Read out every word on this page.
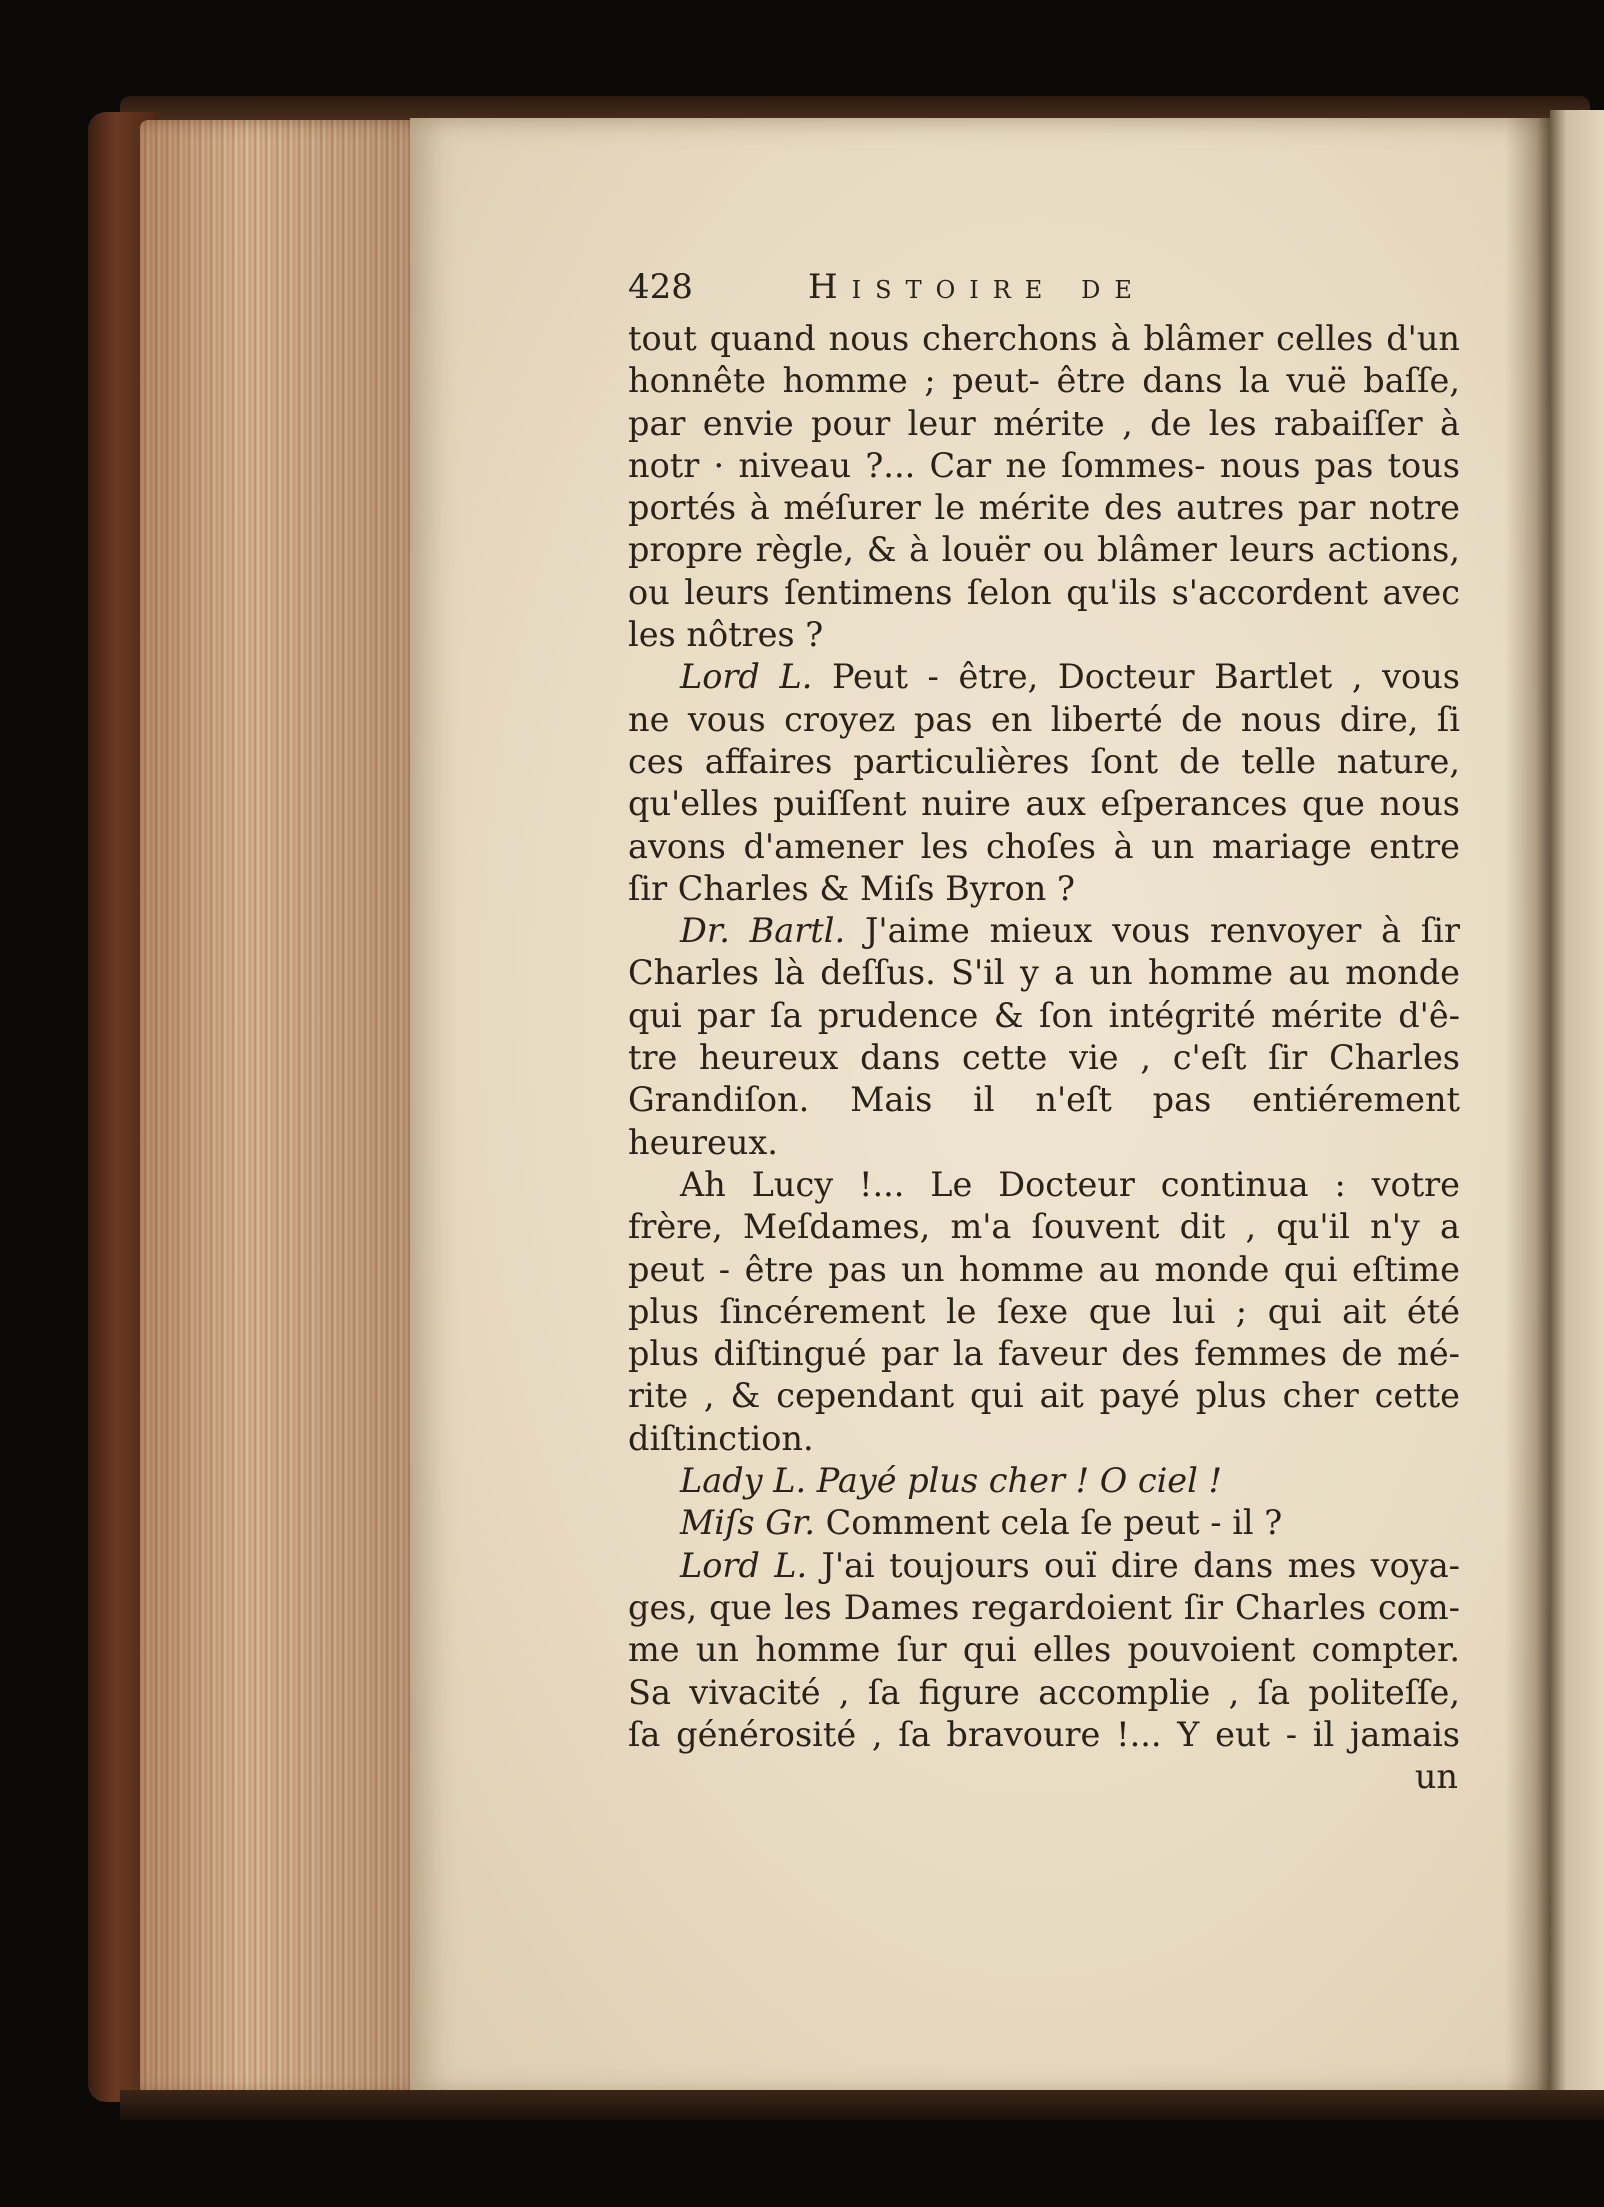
428	Histoire de
tout quand nous cherchons à blâmer celles d'un
honnête homme ; peut- être dans la vuë baſſe,
par envie pour leur mérite , de les rabaiſſer à
notr · niveau ?... Car ne ſommes- nous pas tous
portés à méſurer le mérite des autres par notre
propre règle, & à louër ou blâmer leurs actions,
ou leurs ſentimens ſelon qu'ils s'accordent avec
les nôtres ?
Lord L. Peut - être, Docteur Bartlet , vous
ne vous croyez pas en liberté de nous dire, ſi
ces affaires particulières ſont de telle nature,
qu'elles puiſſent nuire aux eſperances que nous
avons d'amener les choſes à un mariage entre
ſir Charles & Miſs Byron ?
Dr. Bartl. J'aime mieux vous renvoyer à ſir
Charles là deſſus. S'il y a un homme au monde
qui par ſa prudence & ſon intégrité mérite d'ê-
tre heureux dans cette vie , c'eſt ſir Charles
Grandiſon. Mais il n'eſt pas entiérement
heureux.
Ah Lucy !... Le Docteur continua : votre
frère, Meſdames, m'a ſouvent dit , qu'il n'y a
peut - être pas un homme au monde qui eſtime
plus ſincérement le ſexe que lui ; qui ait été
plus diſtingué par la faveur des femmes de mé-
rite , & cependant qui ait payé plus cher cette
diſtinction.
Lady L. Payé plus cher ! O ciel !
Miſs Gr. Comment cela ſe peut - il ?
Lord L. J'ai toujours ouï dire dans mes voya-
ges, que les Dames regardoient ſir Charles com-
me un homme ſur qui elles pouvoient compter.
Sa vivacité , ſa figure accomplie , ſa politeſſe,
ſa générosité , ſa bravoure !... Y eut - il jamais
un
